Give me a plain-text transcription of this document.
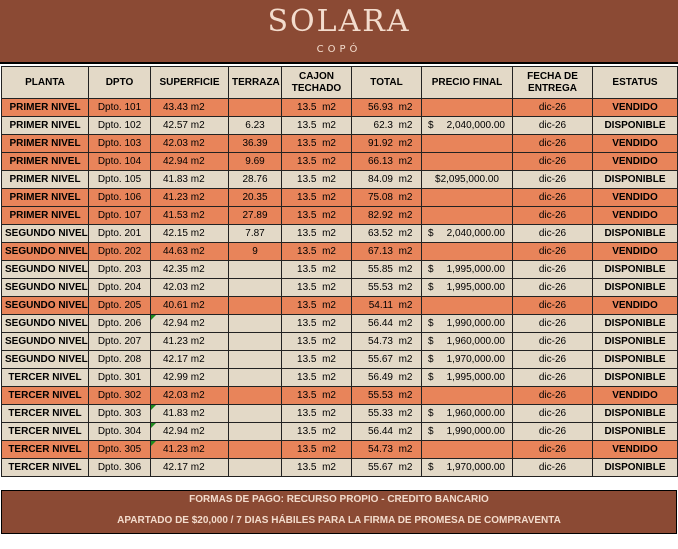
SOLARA
COPÓ
PLANTA	DPTO	SUPERFICIE	TERRAZA	CAJON TECHADO	TOTAL	PRECIO FINAL	FECHA DE ENTREGA	ESTATUS
PRIMER NIVEL	Dpto. 101	43.43 m2		13.5 m2	56.93 m2		dic-26	VENDIDO
PRIMER NIVEL	Dpto. 102	42.57 m2	6.23	13.5 m2	62.3 m2	$ 2,040,000.00	dic-26	DISPONIBLE
PRIMER NIVEL	Dpto. 103	42.03 m2	36.39	13.5 m2	91.92 m2		dic-26	VENDIDO
PRIMER NIVEL	Dpto. 104	42.94 m2	9.69	13.5 m2	66.13 m2		dic-26	VENDIDO
PRIMER NIVEL	Dpto. 105	41.83 m2	28.76	13.5 m2	84.09 m2	$2,095,000.00	dic-26	DISPONIBLE
PRIMER NIVEL	Dpto. 106	41.23 m2	20.35	13.5 m2	75.08 m2		dic-26	VENDIDO
PRIMER NIVEL	Dpto. 107	41.53 m2	27.89	13.5 m2	82.92 m2		dic-26	VENDIDO
SEGUNDO NIVEL	Dpto. 201	42.15 m2	7.87	13.5 m2	63.52 m2	$ 2,040,000.00	dic-26	DISPONIBLE
SEGUNDO NIVEL	Dpto. 202	44.63 m2	9	13.5 m2	67.13 m2		dic-26	VENDIDO
SEGUNDO NIVEL	Dpto. 203	42.35 m2		13.5 m2	55.85 m2	$ 1,995,000.00	dic-26	DISPONIBLE
SEGUNDO NIVEL	Dpto. 204	42.03 m2		13.5 m2	55.53 m2	$ 1,995,000.00	dic-26	DISPONIBLE
SEGUNDO NIVEL	Dpto. 205	40.61 m2		13.5 m2	54.11 m2		dic-26	VENDIDO
SEGUNDO NIVEL	Dpto. 206	42.94 m2		13.5 m2	56.44 m2	$ 1,990,000.00	dic-26	DISPONIBLE
SEGUNDO NIVEL	Dpto. 207	41.23 m2		13.5 m2	54.73 m2	$ 1,960,000.00	dic-26	DISPONIBLE
SEGUNDO NIVEL	Dpto. 208	42.17 m2		13.5 m2	55.67 m2	$ 1,970,000.00	dic-26	DISPONIBLE
TERCER NIVEL	Dpto. 301	42.99 m2		13.5 m2	56.49 m2	$ 1,995,000.00	dic-26	DISPONIBLE
TERCER NIVEL	Dpto. 302	42.03 m2		13.5 m2	55.53 m2		dic-26	VENDIDO
TERCER NIVEL	Dpto. 303	41.83 m2		13.5 m2	55.33 m2	$ 1,960,000.00	dic-26	DISPONIBLE
TERCER NIVEL	Dpto. 304	42.94 m2		13.5 m2	56.44 m2	$ 1,990,000.00	dic-26	DISPONIBLE
TERCER NIVEL	Dpto. 305	41.23 m2		13.5 m2	54.73 m2		dic-26	VENDIDO
TERCER NIVEL	Dpto. 306	42.17 m2		13.5 m2	55.67 m2	$ 1,970,000.00	dic-26	DISPONIBLE
FORMAS DE PAGO: RECURSO PROPIO - CREDITO BANCARIO
APARTADO DE $20,000 / 7 DIAS HÁBILES PARA LA FIRMA DE PROMESA DE COMPRAVENTA
